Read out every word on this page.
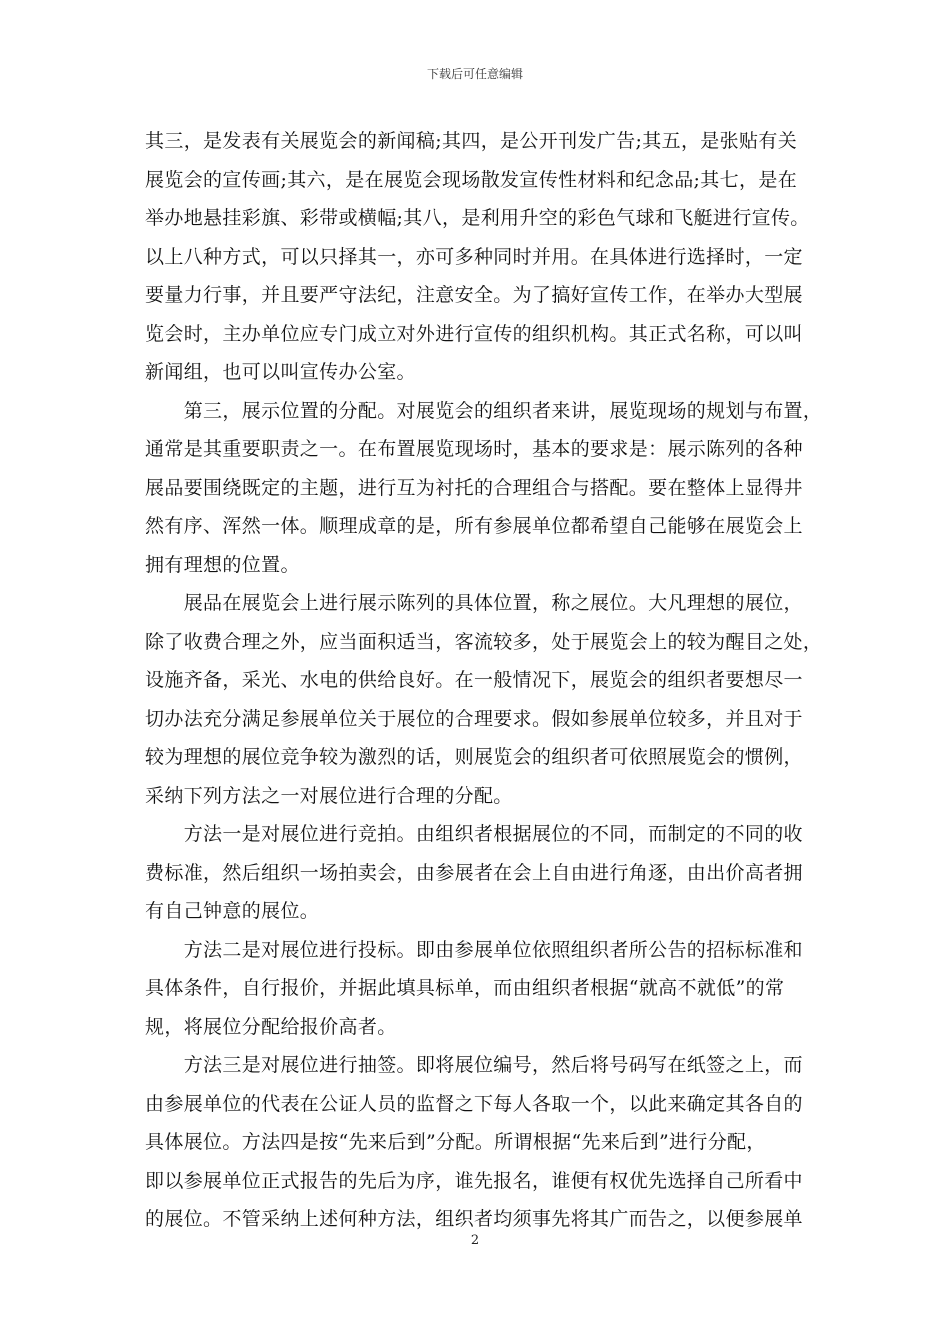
下载后可任意编辑
其三，是发表有关展览会的新闻稿;其四，是公开刊发广告;其五，是张贴有关
展览会的宣传画;其六，是在展览会现场散发宣传性材料和纪念品;其七，是在
举办地悬挂彩旗、彩带或横幅;其八，是利用升空的彩色气球和飞艇进行宣传。
以上八种方式，可以只择其一，亦可多种同时并用。在具体进行选择时，一定
要量力行事，并且要严守法纪，注意安全。为了搞好宣传工作，在举办大型展
览会时，主办单位应专门成立对外进行宣传的组织机构。其正式名称，可以叫
新闻组，也可以叫宣传办公室。
　　第三，展示位置的分配。对展览会的组织者来讲，展览现场的规划与布置，
通常是其重要职责之一。在布置展览现场时，基本的要求是：展示陈列的各种
展品要围绕既定的主题，进行互为衬托的合理组合与搭配。要在整体上显得井
然有序、浑然一体。顺理成章的是，所有参展单位都希望自己能够在展览会上
拥有理想的位置。
　　展品在展览会上进行展示陈列的具体位置，称之展位。大凡理想的展位，
除了收费合理之外，应当面积适当，客流较多，处于展览会上的较为醒目之处，
设施齐备，采光、水电的供给良好。在一般情况下，展览会的组织者要想尽一
切办法充分满足参展单位关于展位的合理要求。假如参展单位较多，并且对于
较为理想的展位竞争较为激烈的话，则展览会的组织者可依照展览会的惯例，
采纳下列方法之一对展位进行合理的分配。
　　方法一是对展位进行竞拍。由组织者根据展位的不同，而制定的不同的收
费标准，然后组织一场拍卖会，由参展者在会上自由进行角逐，由出价高者拥
有自己钟意的展位。
　　方法二是对展位进行投标。即由参展单位依照组织者所公告的招标标准和
具体条件，自行报价，并据此填具标单，而由组织者根据“就高不就低”的常
规，将展位分配给报价高者。
　　方法三是对展位进行抽签。即将展位编号，然后将号码写在纸签之上，而
由参展单位的代表在公证人员的监督之下每人各取一个，以此来确定其各自的
具体展位。方法四是按“先来后到”分配。所谓根据“先来后到”进行分配，
即以参展单位正式报告的先后为序，谁先报名，谁便有权优先选择自己所看中
的展位。不管采纳上述何种方法，组织者均须事先将其广而告之，以便参展单
2
